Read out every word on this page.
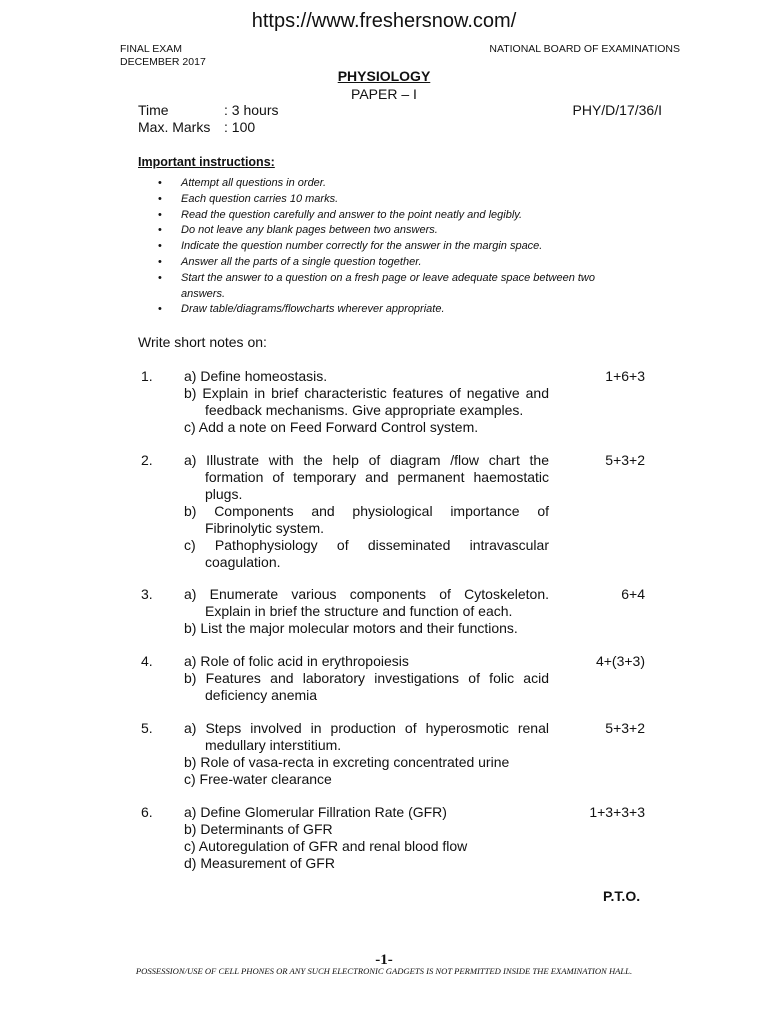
https://www.freshersnow.com/
FINAL EXAM
DECEMBER 2017
NATIONAL BOARD OF EXAMINATIONS
PHYSIOLOGY
PAPER – I
Time	: 3 hours
Max. Marks : 100
PHY/D/17/36/I
Important instructions:
• Attempt all questions in order.
• Each question carries 10 marks.
• Read the question carefully and answer to the point neatly and legibly.
• Do not leave any blank pages between two answers.
• Indicate the question number correctly for the answer in the margin space.
• Answer all the parts of a single question together.
• Start the answer to a question on a fresh page or leave adequate space between two answers.
• Draw table/diagrams/flowcharts wherever appropriate.
Write short notes on:
1. a) Define homeostasis.
b) Explain in brief characteristic features of negative and feedback mechanisms. Give appropriate examples.
c) Add a note on Feed Forward Control system.
1+6+3
2. a) Illustrate with the help of diagram /flow chart the formation of temporary and permanent haemostatic plugs.
b) Components and physiological importance of Fibrinolytic system.
c) Pathophysiology of disseminated intravascular coagulation.
5+3+2
3. a) Enumerate various components of Cytoskeleton. Explain in brief the structure and function of each.
b) List the major molecular motors and their functions.
6+4
4. a) Role of folic acid in erythropoiesis
b) Features and laboratory investigations of folic acid deficiency anemia
4+(3+3)
5. a) Steps involved in production of hyperosmotic renal medullary interstitium.
b) Role of vasa-recta in excreting concentrated urine
c) Free-water clearance
5+3+2
6. a) Define Glomerular Fillration Rate (GFR)
b) Determinants of GFR
c) Autoregulation of GFR and renal blood flow
d) Measurement of GFR
1+3+3+3
P.T.O.
-1-
POSSESSION/USE OF CELL PHONES OR ANY SUCH ELECTRONIC GADGETS IS NOT PERMITTED INSIDE THE EXAMINATION HALL.
